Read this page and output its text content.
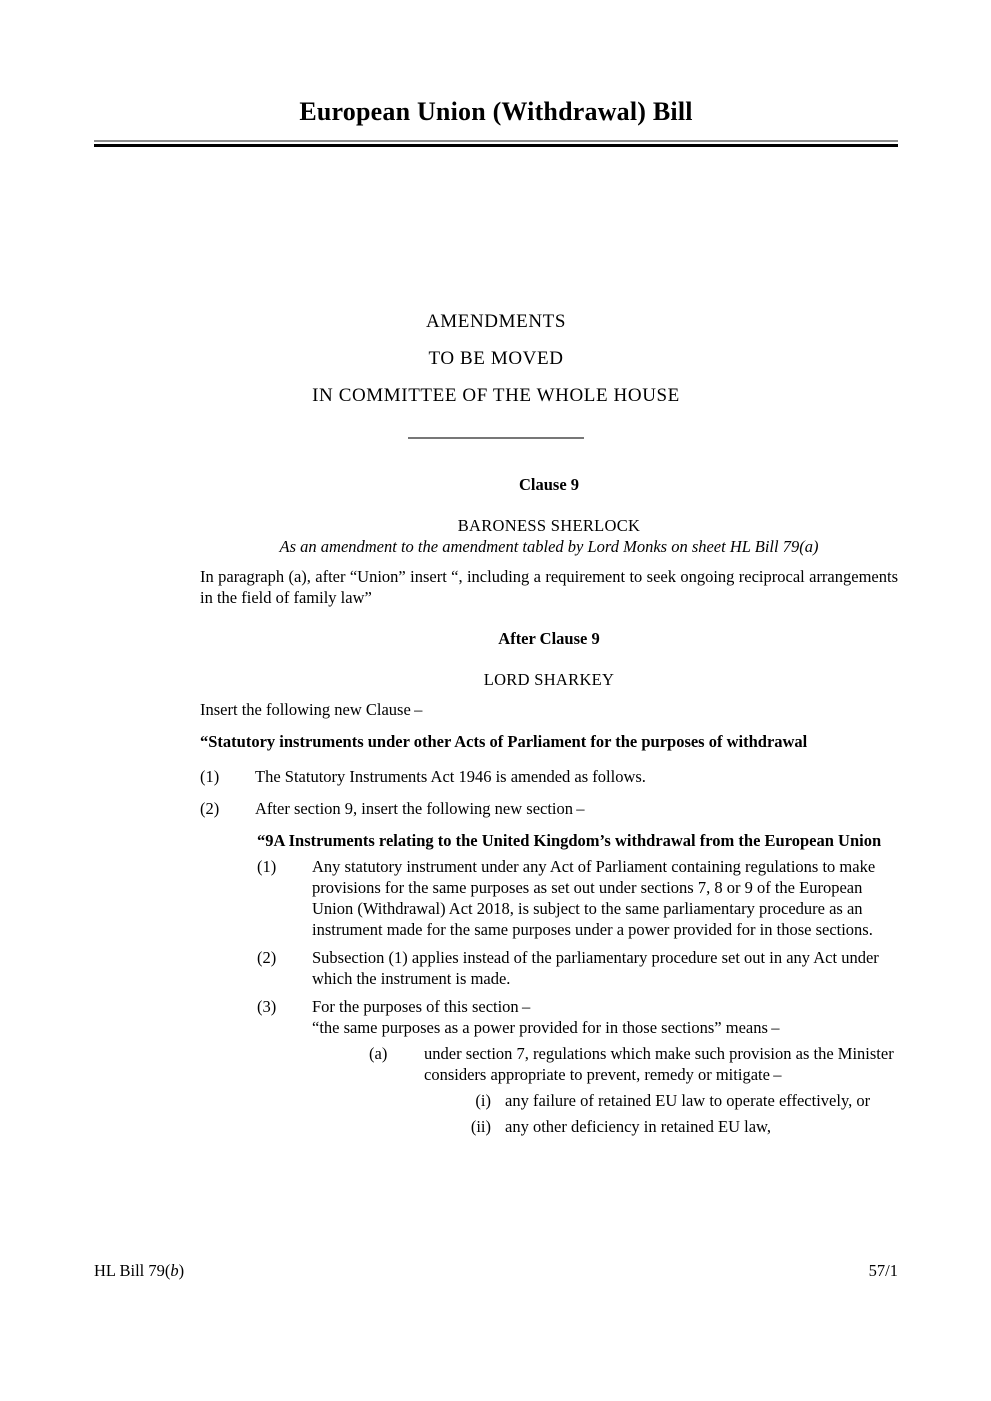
European Union (Withdrawal) Bill
AMENDMENTS
TO BE MOVED
IN COMMITTEE OF THE WHOLE HOUSE
Clause 9
BARONESS SHERLOCK
As an amendment to the amendment tabled by Lord Monks on sheet HL Bill 79(a)
In paragraph (a), after “Union” insert “, including a requirement to seek ongoing reciprocal arrangements in the field of family law”
After Clause 9
LORD SHARKEY
Insert the following new Clause –
“Statutory instruments under other Acts of Parliament for the purposes of withdrawal
(1)	The Statutory Instruments Act 1946 is amended as follows.
(2)	After section 9, insert the following new section –
“9A Instruments relating to the United Kingdom’s withdrawal from the European Union
(1)	Any statutory instrument under any Act of Parliament containing regulations to make provisions for the same purposes as set out under sections 7, 8 or 9 of the European Union (Withdrawal) Act 2018, is subject to the same parliamentary procedure as an instrument made for the same purposes under a power provided for in those sections.
(2)	Subsection (1) applies instead of the parliamentary procedure set out in any Act under which the instrument is made.
(3)	For the purposes of this section –
“the same purposes as a power provided for in those sections” means –
(a)	under section 7, regulations which make such provision as the Minister considers appropriate to prevent, remedy or mitigate –
(i) any failure of retained EU law to operate effectively, or
(ii) any other deficiency in retained EU law,
HL Bill 79(b)	57/1
